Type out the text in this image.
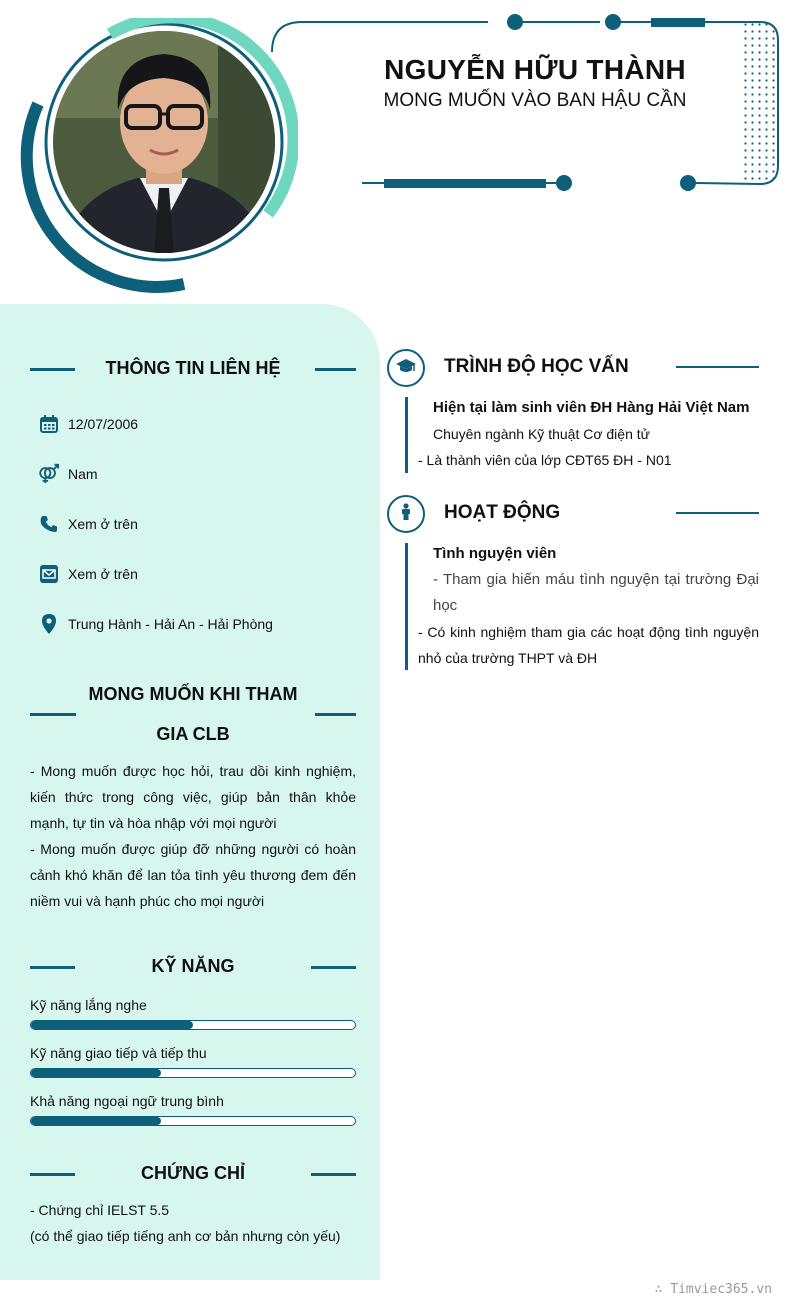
NGUYỄN HỮU THÀNH
MONG MUỐN VÀO BAN HẬU CẦN
THÔNG TIN LIÊN HỆ
12/07/2006
Nam
Xem ở trên
Xem ở trên
Trung Hành - Hải An - Hải Phòng
MONG MUỐN KHI THAM
GIA CLB
- Mong muốn được học hỏi, trau dồi kinh nghiệm, kiến thức trong công việc, giúp bản thân khỏe mạnh, tự tin và hòa nhập với mọi người
- Mong muốn được giúp đỡ những người có hoàn cảnh khó khăn để lan tỏa tình yêu thương đem đến niềm vui và hạnh phúc cho mọi người
KỸ NĂNG
Kỹ năng lắng nghe
Kỹ năng giao tiếp và tiếp thu
Khả năng ngoại ngữ trung bình
CHỨNG CHỈ
- Chứng chỉ IELST 5.5
(có thể giao tiếp tiếng anh cơ bản nhưng còn yếu)
TRÌNH ĐỘ HỌC VẤN
Hiện tại làm sinh viên ĐH Hàng Hải Việt Nam
Chuyên ngành Kỹ thuật Cơ điện tử
- Là thành viên của lớp CĐT65 ĐH - N01
HOẠT ĐỘNG
Tình nguyện viên
- Tham gia hiến máu tình nguyện tại trường Đại học
- Có kinh nghiệm tham gia các hoạt động tình nguyện nhỏ của trường THPT và ĐH
∴ Timviec365.vn
